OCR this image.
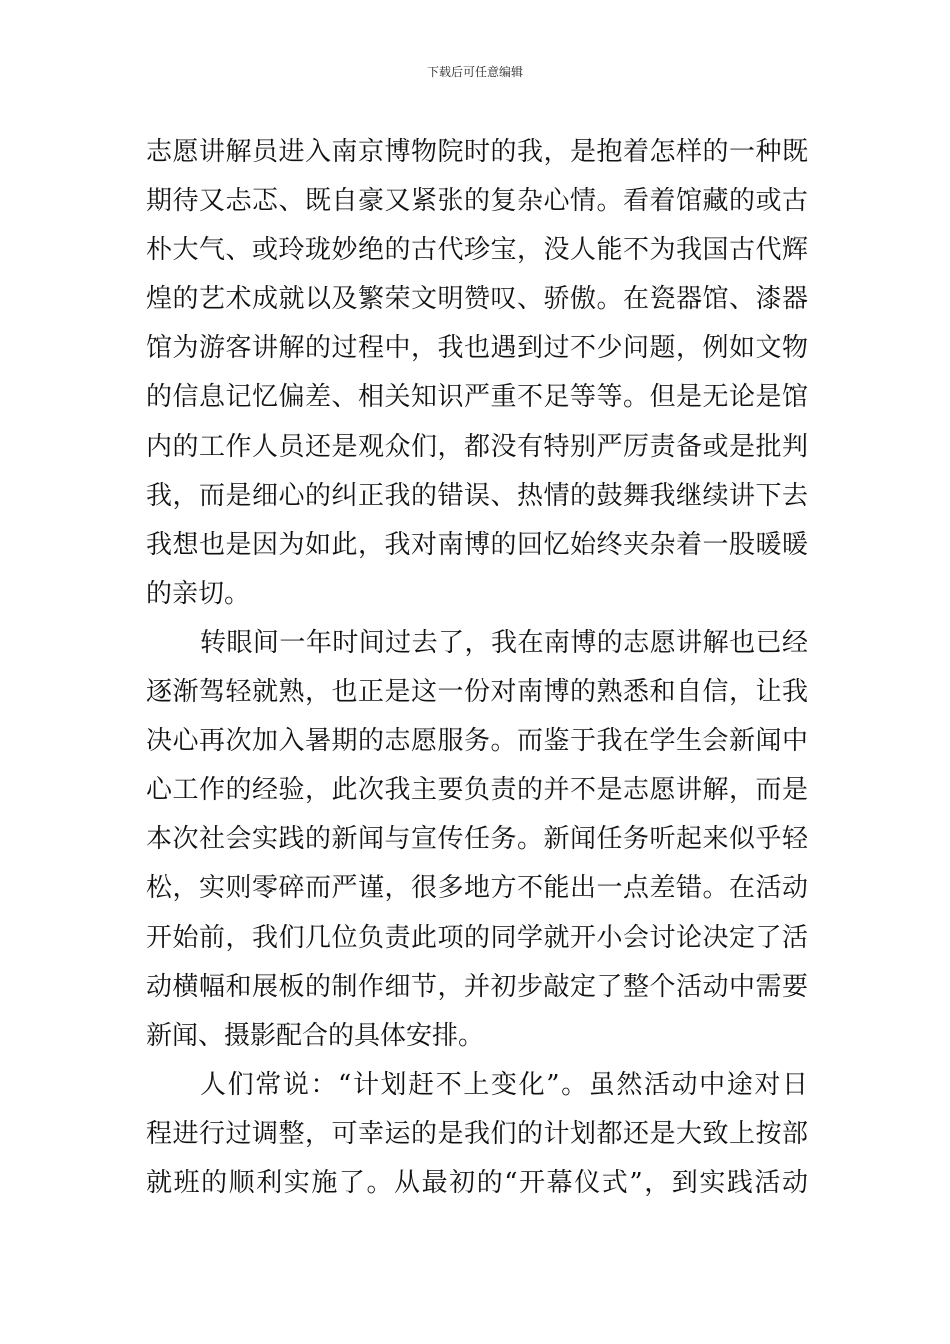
下载后可任意编辑
志愿讲解员进入南京博物院时的我，是抱着怎样的一种既
期待又忐忑、既自豪又紧张的复杂心情。看着馆藏的或古
朴大气、或玲珑妙绝的古代珍宝，没人能不为我国古代辉
煌的艺术成就以及繁荣文明赞叹、骄傲。在瓷器馆、漆器
馆为游客讲解的过程中，我也遇到过不少问题，例如文物
的信息记忆偏差、相关知识严重不足等等。但是无论是馆
内的工作人员还是观众们，都没有特别严厉责备或是批判
我，而是细心的纠正我的错误、热情的鼓舞我继续讲下去
我想也是因为如此，我对南博的回忆始终夹杂着一股暖暖
的亲切。
转眼间一年时间过去了，我在南博的志愿讲解也已经
逐渐驾轻就熟，也正是这一份对南博的熟悉和自信，让我
决心再次加入暑期的志愿服务。而鉴于我在学生会新闻中
心工作的经验，此次我主要负责的并不是志愿讲解，而是
本次社会实践的新闻与宣传任务。新闻任务听起来似乎轻
松，实则零碎而严谨，很多地方不能出一点差错。在活动
开始前，我们几位负责此项的同学就开小会讨论决定了活
动横幅和展板的制作细节，并初步敲定了整个活动中需要
新闻、摄影配合的具体安排。
人们常说：“计划赶不上变化”。虽然活动中途对日
程进行过调整，可幸运的是我们的计划都还是大致上按部
就班的顺利实施了。从最初的“开幕仪式”，到实践活动
